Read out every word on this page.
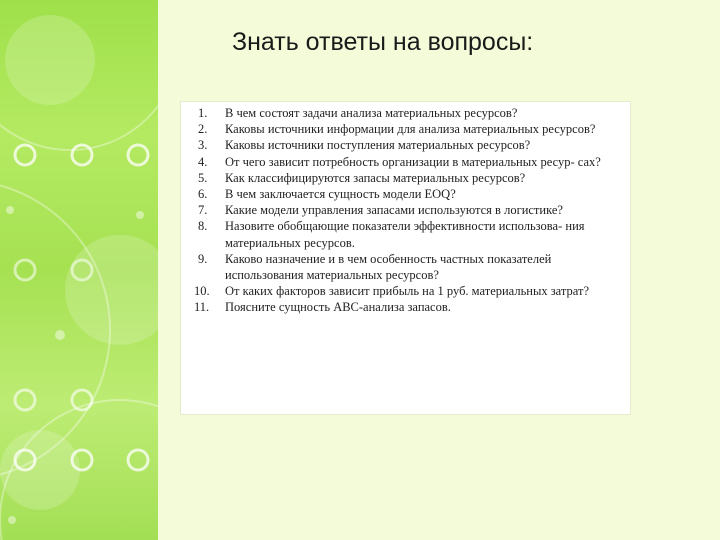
Знать ответы на вопросы:
1. В чем состоят задачи анализа материальных ресурсов?
2. Каковы источники информации для анализа материальных ресурсов?
3. Каковы источники поступления материальных ресурсов?
4. От чего зависит потребность организации в материальных ресур- сах?
5. Как классифицируются запасы материальных ресурсов?
6. В чем заключается сущность модели EOQ?
7. Какие модели управления запасами используются в логистике?
8. Назовите обобщающие показатели эффективности использова- ния материальных ресурсов.
9. Каково назначение и в чем особенность частных показателей использования материальных ресурсов?
10. От каких факторов зависит прибыль на 1 руб. материальных затрат?
11. Поясните сущность ABC-анализа запасов.
